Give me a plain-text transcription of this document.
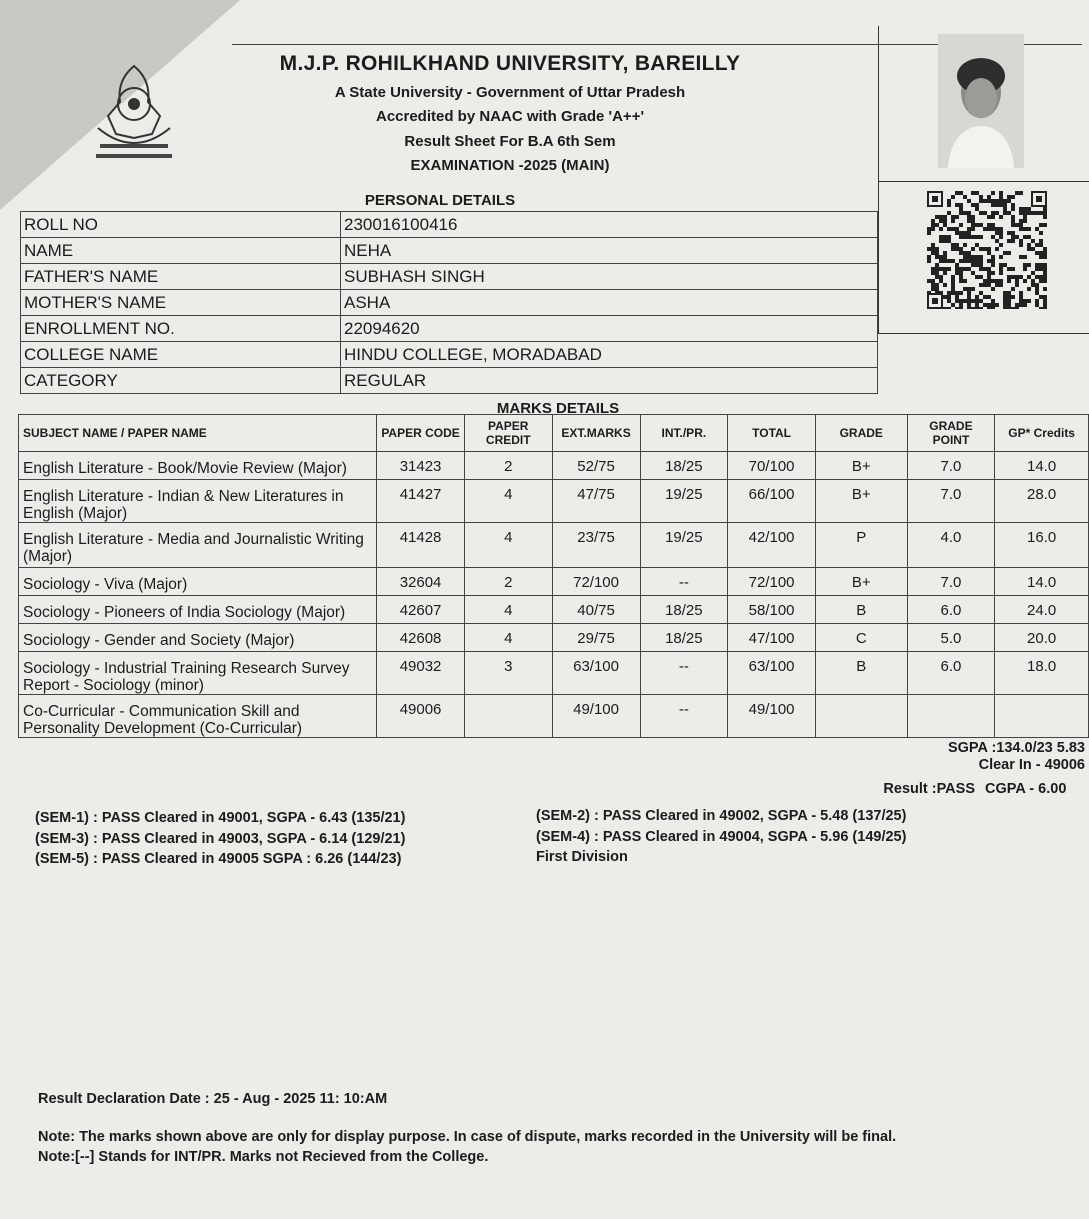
M.J.P. ROHILKHAND UNIVERSITY, BAREILLY
A State University - Government of Uttar Pradesh
Accredited by NAAC with Grade 'A++'
Result Sheet For B.A 6th Sem
EXAMINATION -2025 (MAIN)
PERSONAL DETAILS
ROLL NO	230016100416
NAME	NEHA
FATHER'S NAME	SUBHASH SINGH
MOTHER'S NAME	ASHA
ENROLLMENT NO.	22094620
COLLEGE NAME	HINDU COLLEGE, MORADABAD
CATEGORY	REGULAR
MARKS DETAILS
SUBJECT NAME / PAPER NAME	PAPER CODE	PAPER CREDIT	EXT.MARKS	INT./PR.	TOTAL	GRADE	GRADE POINT	GP* Credits
English Literature - Book/Movie Review (Major)	31423	2	52/75	18/25	70/100	B+	7.0	14.0
English Literature - Indian & New Literatures in English (Major)	41427	4	47/75	19/25	66/100	B+	7.0	28.0
English Literature - Media and Journalistic Writing (Major)	41428	4	23/75	19/25	42/100	P	4.0	16.0
Sociology - Viva (Major)	32604	2	72/100	--	72/100	B+	7.0	14.0
Sociology - Pioneers of India Sociology (Major)	42607	4	40/75	18/25	58/100	B	6.0	24.0
Sociology - Gender and Society (Major)	42608	4	29/75	18/25	47/100	C	5.0	20.0
Sociology - Industrial Training Research Survey Report - Sociology (minor)	49032	3	63/100	--	63/100	B	6.0	18.0
Co-Curricular - Communication Skill and Personality Development (Co-Curricular)	49006		49/100	--	49/100			
SGPA :134.0/23 5.83
Clear In - 49006
Result :PASS CGPA - 6.00
(SEM-1) : PASS Cleared in 49001, SGPA - 6.43 (135/21)
(SEM-3) : PASS Cleared in 49003, SGPA - 6.14 (129/21)
(SEM-5) : PASS Cleared in 49005 SGPA : 6.26 (144/23)
(SEM-2) : PASS Cleared in 49002, SGPA - 5.48 (137/25)
(SEM-4) : PASS Cleared in 49004, SGPA - 5.96 (149/25)
First Division
Result Declaration Date : 25 - Aug - 2025 11: 10:AM
Note: The marks shown above are only for display purpose. In case of dispute, marks recorded in the University will be final.
Note:[--] Stands for INT/PR. Marks not Recieved from the College.
